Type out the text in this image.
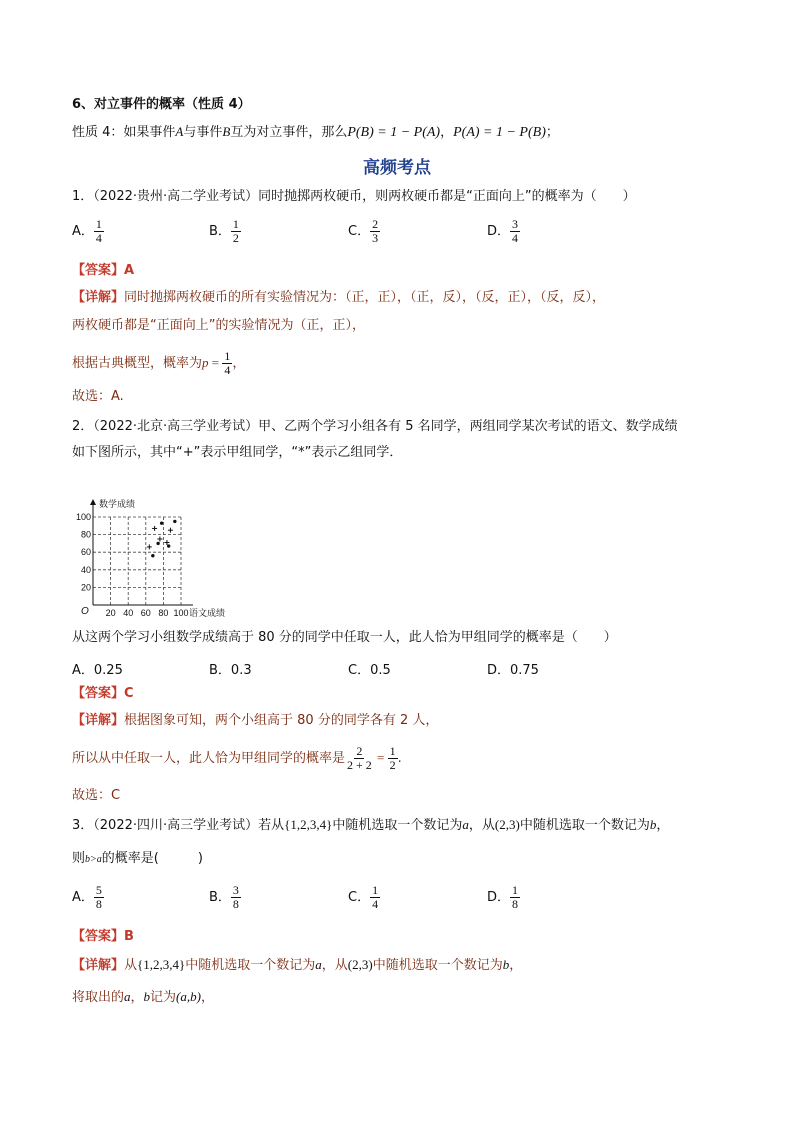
6、对立事件的概率（性质 4）
性质 4：如果事件A与事件B互为对立事件，那么P(B) = 1 − P(A)，P(A) = 1 − P(B)；
高频考点
1．（2022·贵州·高二学业考试）同时抛掷两枚硬币，则两枚硬币都是“正面向上”的概率为（　　）
A． $\frac{1}{4}$	B． $\frac{1}{2}$	C． $\frac{2}{3}$	D． $\frac{3}{4}$
【答案】A
【详解】同时抛掷两枚硬币的所有实验情况为：（正，正），（正，反），（反，正），（反，反），
两枚硬币都是“正面向上”的实验情况为（正，正），
根据古典概型，概率为$p = \frac{1}{4}$ ，
故选：A.
2．（2022·北京·高三学业考试）甲、乙两个学习小组各有 5 名同学，两组同学某次考试的语文、数学成绩
如下图所示，其中“+”表示甲组同学，“*”表示乙组同学．
数学成绩
O 20 40 60 80 100 语文成绩
20
40
60
80
100
从这两个学习小组数学成绩高于 80 分的同学中任取一人，此人恰为甲组同学的概率是（　　）
A．0.25	B．0.3	C．0.5	D．0.75
【答案】C
【详解】根据图象可知，两个小组高于 80 分的同学各有 2 人，
所以从中任取一人，此人恰为甲组同学的概率是 $\frac{2}{2 + 2} = \frac{1}{2}$ .
故选：C
3．（2022·四川·高三学业考试）若从{1,2,3,4}中随机选取一个数记为a，从(2,3)中随机选取一个数记为b，
则b>a的概率是(　　　)
A． $\frac{5}{8}$	B． $\frac{3}{8}$	C． $\frac{1}{4}$	D． $\frac{1}{8}$
【答案】B
【详解】从{1,2,3,4}中随机选取一个数记为a，从(2,3)中随机选取一个数记为b，
将取出的a，b记为(a,b)，
